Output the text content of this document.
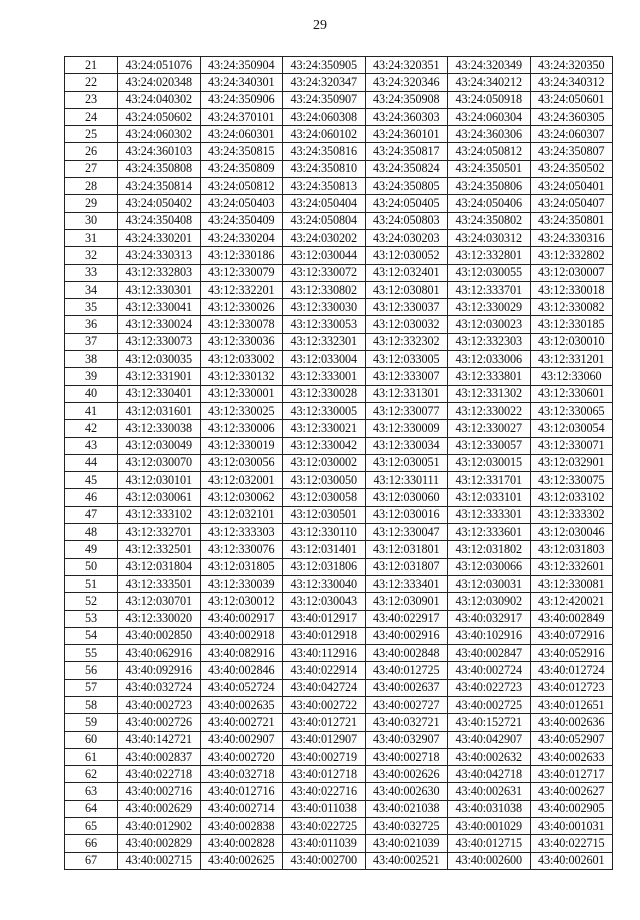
29
21	43:24:051076	43:24:350904	43:24:350905	43:24:320351	43:24:320349	43:24:320350
22	43:24:020348	43:24:340301	43:24:320347	43:24:320346	43:24:340212	43:24:340312
23	43:24:040302	43:24:350906	43:24:350907	43:24:350908	43:24:050918	43:24:050601
24	43:24:050602	43:24:370101	43:24:060308	43:24:360303	43:24:060304	43:24:360305
25	43:24:060302	43:24:060301	43:24:060102	43:24:360101	43:24:360306	43:24:060307
26	43:24:360103	43:24:350815	43:24:350816	43:24:350817	43:24:050812	43:24:350807
27	43:24:350808	43:24:350809	43:24:350810	43:24:350824	43:24:350501	43:24:350502
28	43:24:350814	43:24:050812	43:24:350813	43:24:350805	43:24:350806	43:24:050401
29	43:24:050402	43:24:050403	43:24:050404	43:24:050405	43:24:050406	43:24:050407
30	43:24:350408	43:24:350409	43:24:050804	43:24:050803	43:24:350802	43:24:350801
31	43:24:330201	43:24:330204	43:24:030202	43:24:030203	43:24:030312	43:24:330316
32	43:24:330313	43:12:330186	43:12:030044	43:12:030052	43:12:332801	43:12:332802
33	43:12:332803	43:12:330079	43:12:330072	43:12:032401	43:12:030055	43:12:030007
34	43:12:330301	43:12:332201	43:12:330802	43:12:030801	43:12:333701	43:12:330018
35	43:12:330041	43:12:330026	43:12:330030	43:12:330037	43:12:330029	43:12:330082
36	43:12:330024	43:12:330078	43:12:330053	43:12:030032	43:12:030023	43:12:330185
37	43:12:330073	43:12:330036	43:12:332301	43:12:332302	43:12:332303	43:12:030010
38	43:12:030035	43:12:033002	43:12:033004	43:12:033005	43:12:033006	43:12:331201
39	43:12:331901	43:12:330132	43:12:333001	43:12:333007	43:12:333801	43:12:33060
40	43:12:330401	43:12:330001	43:12:330028	43:12:331301	43:12:331302	43:12:330601
41	43:12:031601	43:12:330025	43:12:330005	43:12:330077	43:12:330022	43:12:330065
42	43:12:330038	43:12:330006	43:12:330021	43:12:330009	43:12:330027	43:12:030054
43	43:12:030049	43:12:330019	43:12:330042	43:12:330034	43:12:330057	43:12:330071
44	43:12:030070	43:12:030056	43:12:030002	43:12:030051	43:12:030015	43:12:032901
45	43:12:030101	43:12:032001	43:12:030050	43:12:330111	43:12:331701	43:12:330075
46	43:12:030061	43:12:030062	43:12:030058	43:12:030060	43:12:033101	43:12:033102
47	43:12:333102	43:12:032101	43:12:030501	43:12:030016	43:12:333301	43:12:333302
48	43:12:332701	43:12:333303	43:12:330110	43:12:330047	43:12:333601	43:12:030046
49	43:12:332501	43:12:330076	43:12:031401	43:12:031801	43:12:031802	43:12:031803
50	43:12:031804	43:12:031805	43:12:031806	43:12:031807	43:12:030066	43:12:332601
51	43:12:333501	43:12:330039	43:12:330040	43:12:333401	43:12:030031	43:12:330081
52	43:12:030701	43:12:030012	43:12:030043	43:12:030901	43:12:030902	43:12:420021
53	43:12:330020	43:40:002917	43:40:012917	43:40:022917	43:40:032917	43:40:002849
54	43:40:002850	43:40:002918	43:40:012918	43:40:002916	43:40:102916	43:40:072916
55	43:40:062916	43:40:082916	43:40:112916	43:40:002848	43:40:002847	43:40:052916
56	43:40:092916	43:40:002846	43:40:022914	43:40:012725	43:40:002724	43:40:012724
57	43:40:032724	43:40:052724	43:40:042724	43:40:002637	43:40:022723	43:40:012723
58	43:40:002723	43:40:002635	43:40:002722	43:40:002727	43:40:002725	43:40:012651
59	43:40:002726	43:40:002721	43:40:012721	43:40:032721	43:40:152721	43:40:002636
60	43:40:142721	43:40:002907	43:40:012907	43:40:032907	43:40:042907	43:40:052907
61	43:40:002837	43:40:002720	43:40:002719	43:40:002718	43:40:002632	43:40:002633
62	43:40:022718	43:40:032718	43:40:012718	43:40:002626	43:40:042718	43:40:012717
63	43:40:002716	43:40:012716	43:40:022716	43:40:002630	43:40:002631	43:40:002627
64	43:40:002629	43:40:002714	43:40:011038	43:40:021038	43:40:031038	43:40:002905
65	43:40:012902	43:40:002838	43:40:022725	43:40:032725	43:40:001029	43:40:001031
66	43:40:002829	43:40:002828	43:40:011039	43:40:021039	43:40:012715	43:40:022715
67	43:40:002715	43:40:002625	43:40:002700	43:40:002521	43:40:002600	43:40:002601
